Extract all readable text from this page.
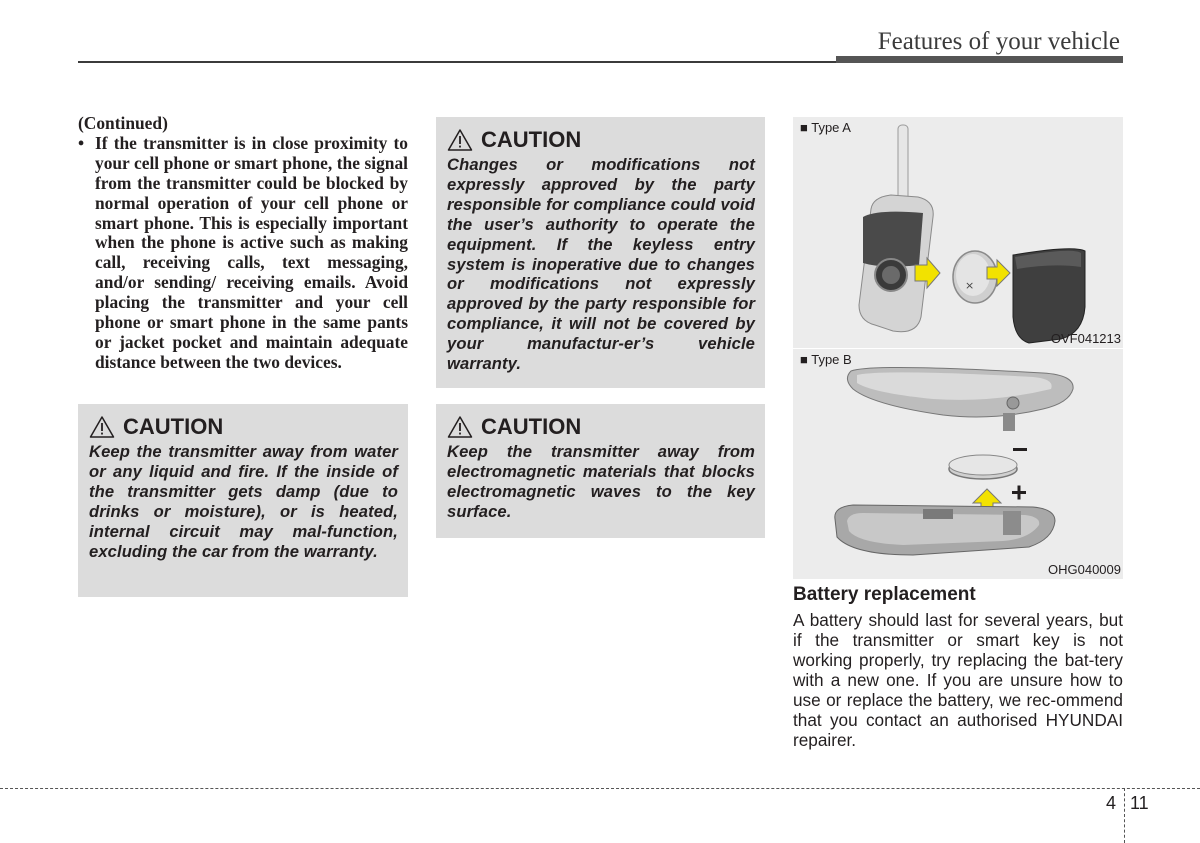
Features of your vehicle
(Continued)
• If the transmitter is in close proximity to your cell phone or smart phone, the signal from the transmitter could be blocked by normal operation of your cell phone or smart phone. This is especially important when the phone is active such as making call, receiving calls, text messaging, and/or sending/ receiving emails. Avoid placing the transmitter and your cell phone or smart phone in the same pants or jacket pocket and maintain adequate distance between the two devices.
CAUTION
Keep the transmitter away from water or any liquid and fire. If the inside of the transmitter gets damp (due to drinks or moisture), or is heated, internal circuit may mal-function, excluding the car from the warranty.
CAUTION
Changes or modifications not expressly approved by the party responsible for compliance could void the user’s authority to operate the equipment. If the keyless entry system is inoperative due to changes or modifications not expressly approved by the party responsible for compliance, it will not be covered by your manufactur-er’s vehicle warranty.
CAUTION
Keep the transmitter away from electromagnetic materials that blocks electromagnetic waves to the key surface.
■ Type A
×
OVF041213
■ Type B
OHG040009
Battery replacement
A battery should last for several years, but if the transmitter or smart key is not working properly, try replacing the bat-tery with a new one. If you are unsure how to use or replace the battery, we rec-ommend that you contact an authorised HYUNDAI repairer.
4 11
